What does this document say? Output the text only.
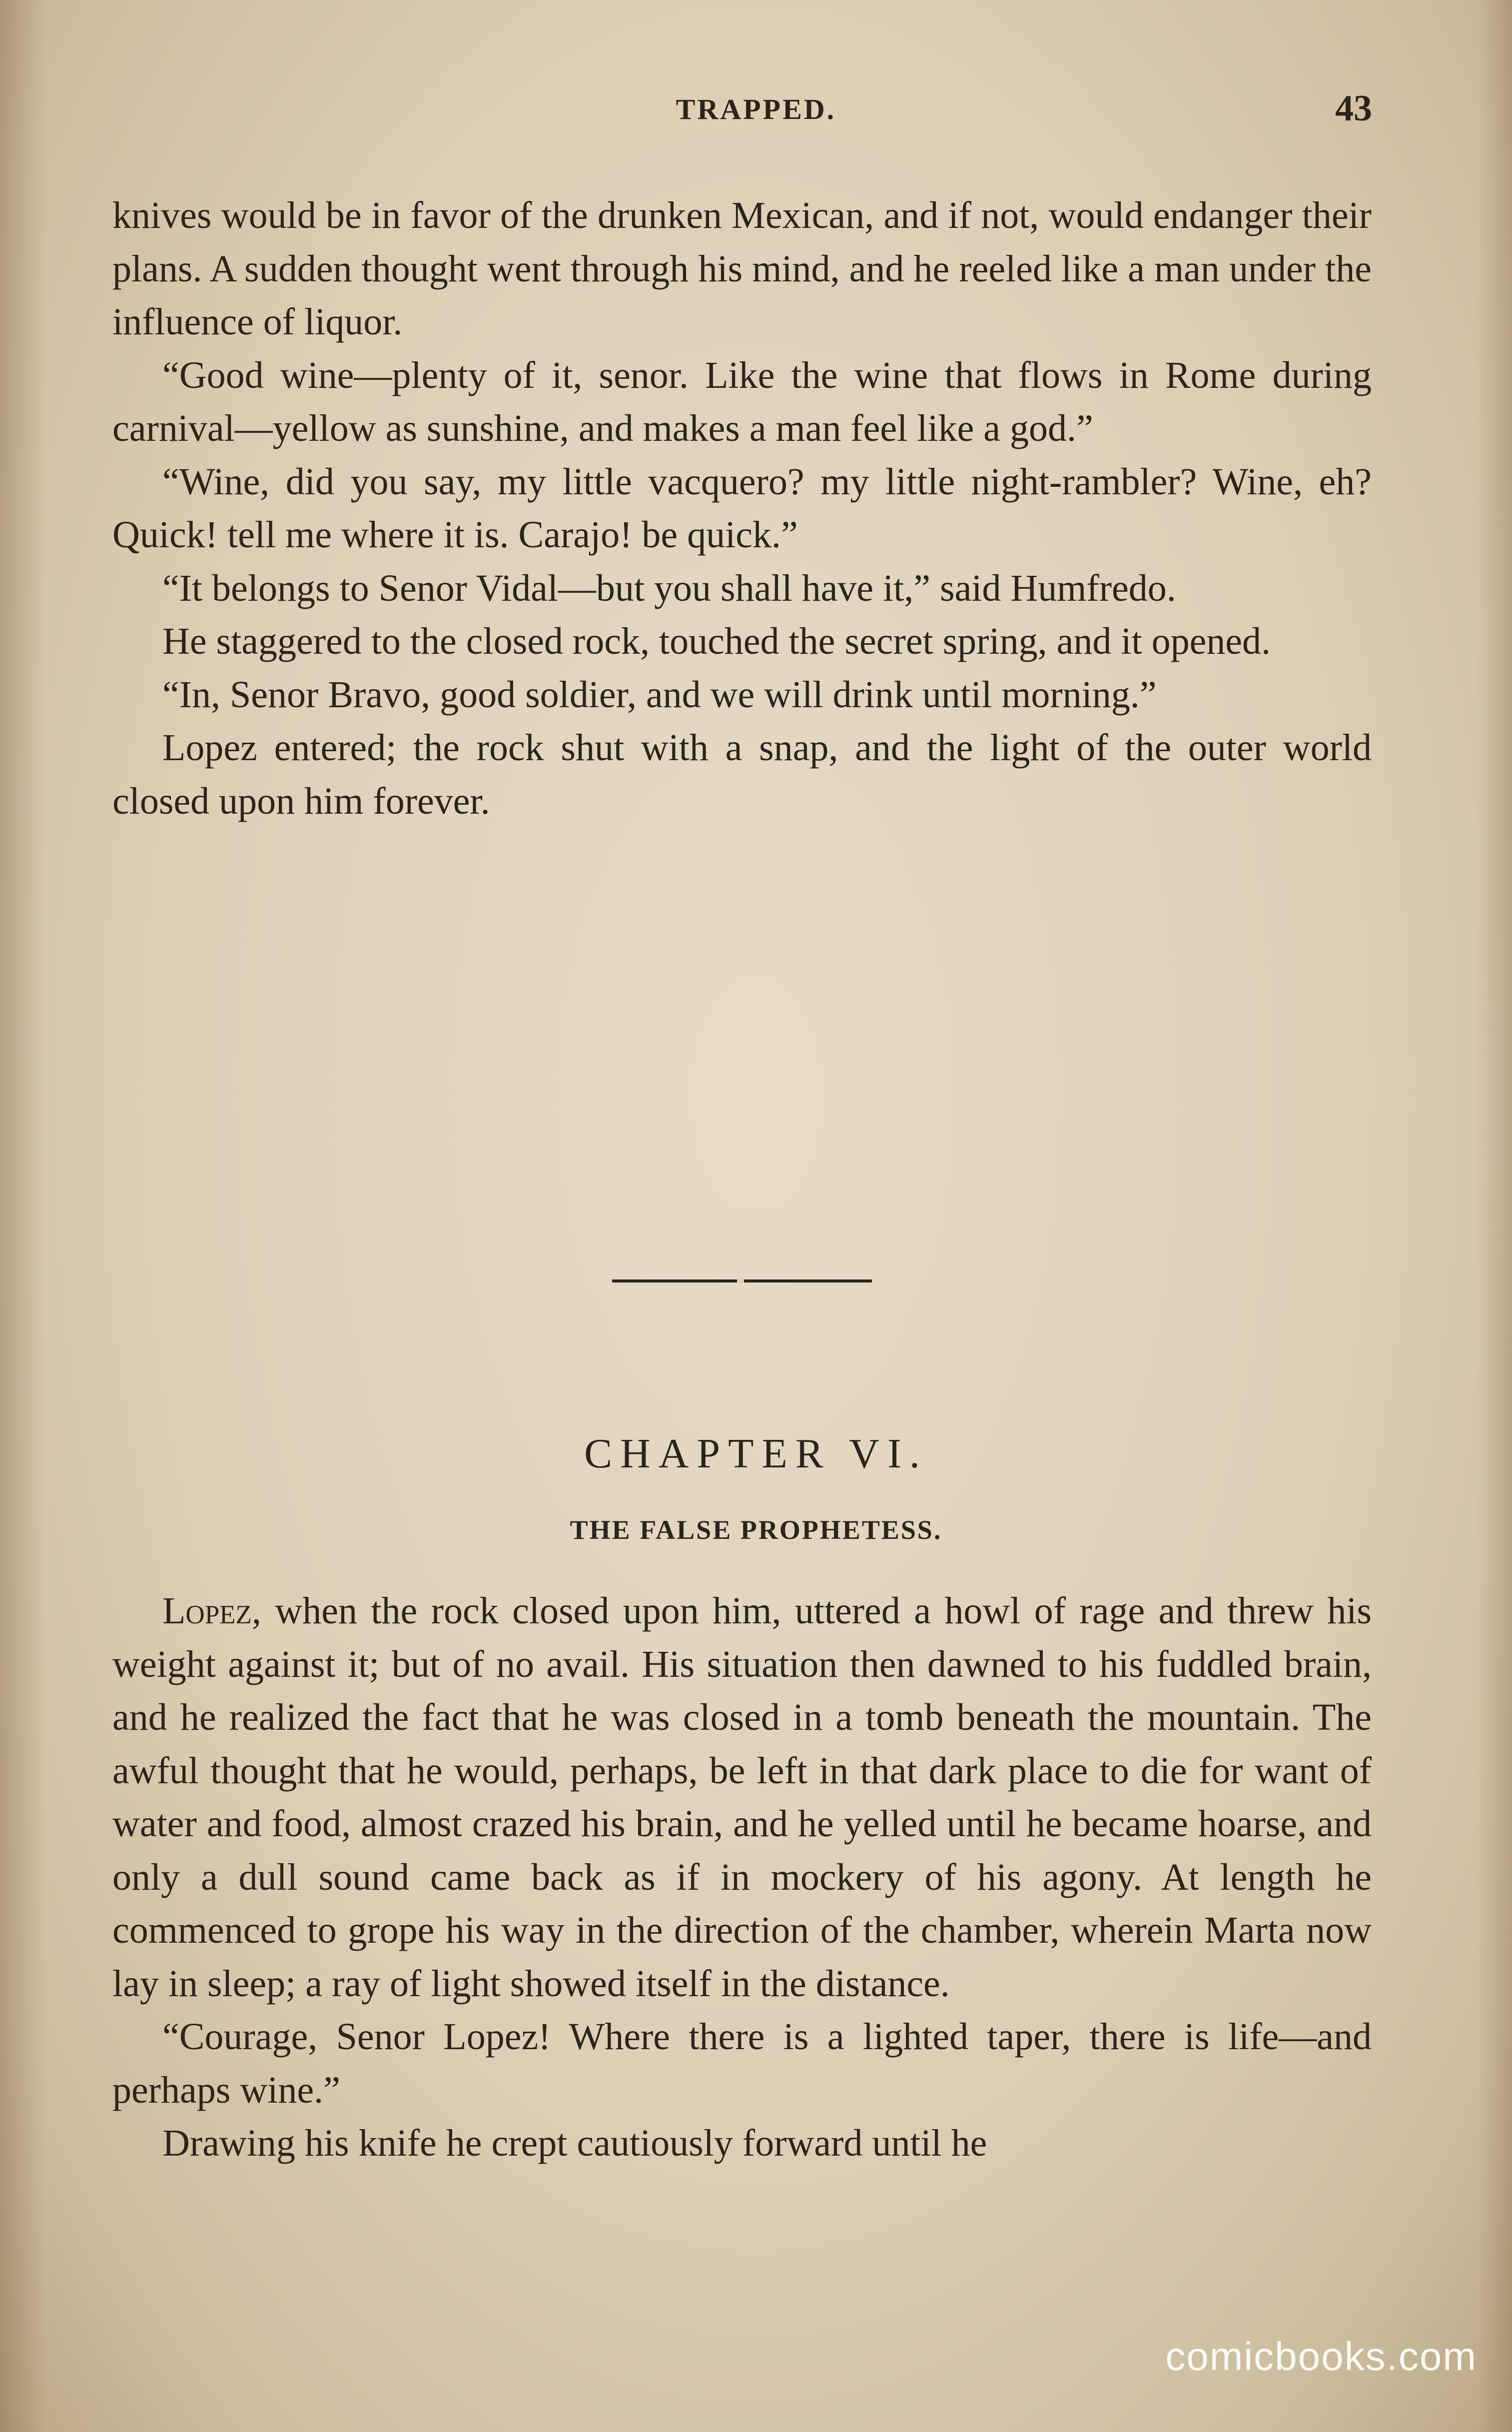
TRAPPED.	43

knives would be in favor of the drunken Mexican, and if not, would endanger their plans. A sudden thought went through his mind, and he reeled like a man under the influence of liquor.

“Good wine—plenty of it, senor. Like the wine that flows in Rome during carnival—yellow as sunshine, and makes a man feel like a god.”

“Wine, did you say, my little vacquero? my little night-rambler? Wine, eh? Quick! tell me where it is. Carajo! be quick.”

“It belongs to Senor Vidal—but you shall have it,” said Humfredo.

He staggered to the closed rock, touched the secret spring, and it opened.

“In, Senor Bravo, good soldier, and we will drink until morning.”

Lopez entered; the rock shut with a snap, and the light of the outer world closed upon him forever.

CHAPTER VI.
THE FALSE PROPHETESS.

Lopez, when the rock closed upon him, uttered a howl of rage and threw his weight against it; but of no avail. His situation then dawned to his fuddled brain, and he realized the fact that he was closed in a tomb beneath the mountain. The awful thought that he would, perhaps, be left in that dark place to die for want of water and food, almost crazed his brain, and he yelled until he became hoarse, and only a dull sound came back as if in mockery of his agony. At length he commenced to grope his way in the direction of the chamber, wherein Marta now lay in sleep; a ray of light showed itself in the distance.

“Courage, Senor Lopez! Where there is a lighted taper, there is life—and perhaps wine.”

Drawing his knife he crept cautiously forward until he

comicbooks.com
